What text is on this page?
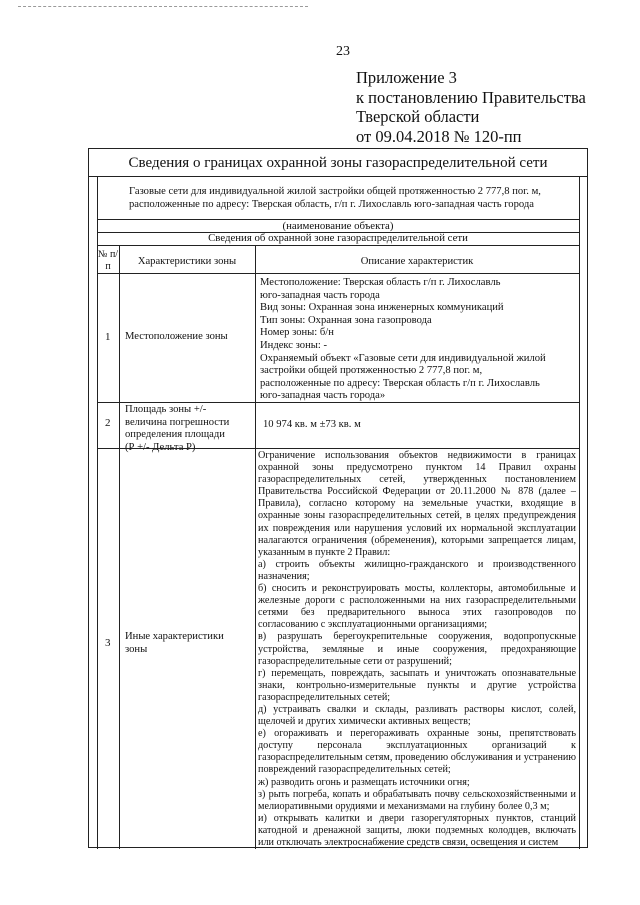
23
Приложение 3
к постановлению Правительства
Тверской области
от 09.04.2018 № 120-пп
Сведения о границах охранной зоны газораспределительной сети
Газовые сети для индивидуальной жилой застройки общей протяженностью 2 777,8 пог. м,
расположенные по адресу: Тверская область, г/п г. Лихославль юго-западная часть города
(наименование объекта)
Сведения об охранной зоне газораспределительной сети
№ п/п	Характеристики зоны	Описание характеристик
1 Местоположение зоны
Местоположение: Тверская область г/п г. Лихославль
юго-западная часть города
Вид зоны: Охранная зона инженерных коммуникаций
Тип зоны: Охранная зона газопровода
Номер зоны: б/н
Индекс зоны: -
Охраняемый объект «Газовые сети для индивидуальной жилой
застройки общей протяженностью 2 777,8 пог. м,
расположенные по адресу: Тверская область г/п г. Лихославль
юго-западная часть города»
2
Площадь зоны +/-
величина погрешности
определения площади
(Р +/- Дельта Р)
10 974 кв. м ±73 кв. м
3
Иные характеристики
зоны

Ограничение использования объектов недвижимости в границах охранной зоны предусмотрено пунктом 14 Правил охраны газораспределительных сетей, утвержденных постановлением Правительства Российской Федерации от 20.11.2000 № 878 (далее – Правила), согласно которому на земельные участки, входящие в охранные зоны газораспределительных сетей, в целях предупреждения их повреждения или нарушения условий их нормальной эксплуатации налагаются ограничения (обременения), которыми запрещается лицам, указанным в пункте 2 Правил:

а) строить объекты жилищно-гражданского и производственного назначения;

б) сносить и реконструировать мосты, коллекторы, автомобильные и железные дороги с расположенными на них газораспределительными сетями без предварительного выноса этих газопроводов по согласованию с эксплуатационными организациями;

в) разрушать берегоукрепительные сооружения, водопропускные устройства, земляные и иные сооружения, предохраняющие газораспределительные сети от разрушений;

г) перемещать, повреждать, засыпать и уничтожать опознавательные знаки, контрольно-измерительные пункты и другие устройства газораспределительных сетей;

д) устраивать свалки и склады, разливать растворы кислот, солей, щелочей и других химически активных веществ;

е) огораживать и перегораживать охранные зоны, препятствовать доступу персонала эксплуатационных организаций к газораспределительным сетям, проведению обслуживания и устранению повреждений газораспределительных сетей;

ж) разводить огонь и размещать источники огня;

з) рыть погреба, копать и обрабатывать почву сельскохозяйственными и мелиоративными орудиями и механизмами на глубину более 0,3 м;

и) открывать калитки и двери газорегуляторных пунктов, станций катодной и дренажной защиты, люки подземных колодцев, включать или отключать электроснабжение средств связи, освещения и систем
